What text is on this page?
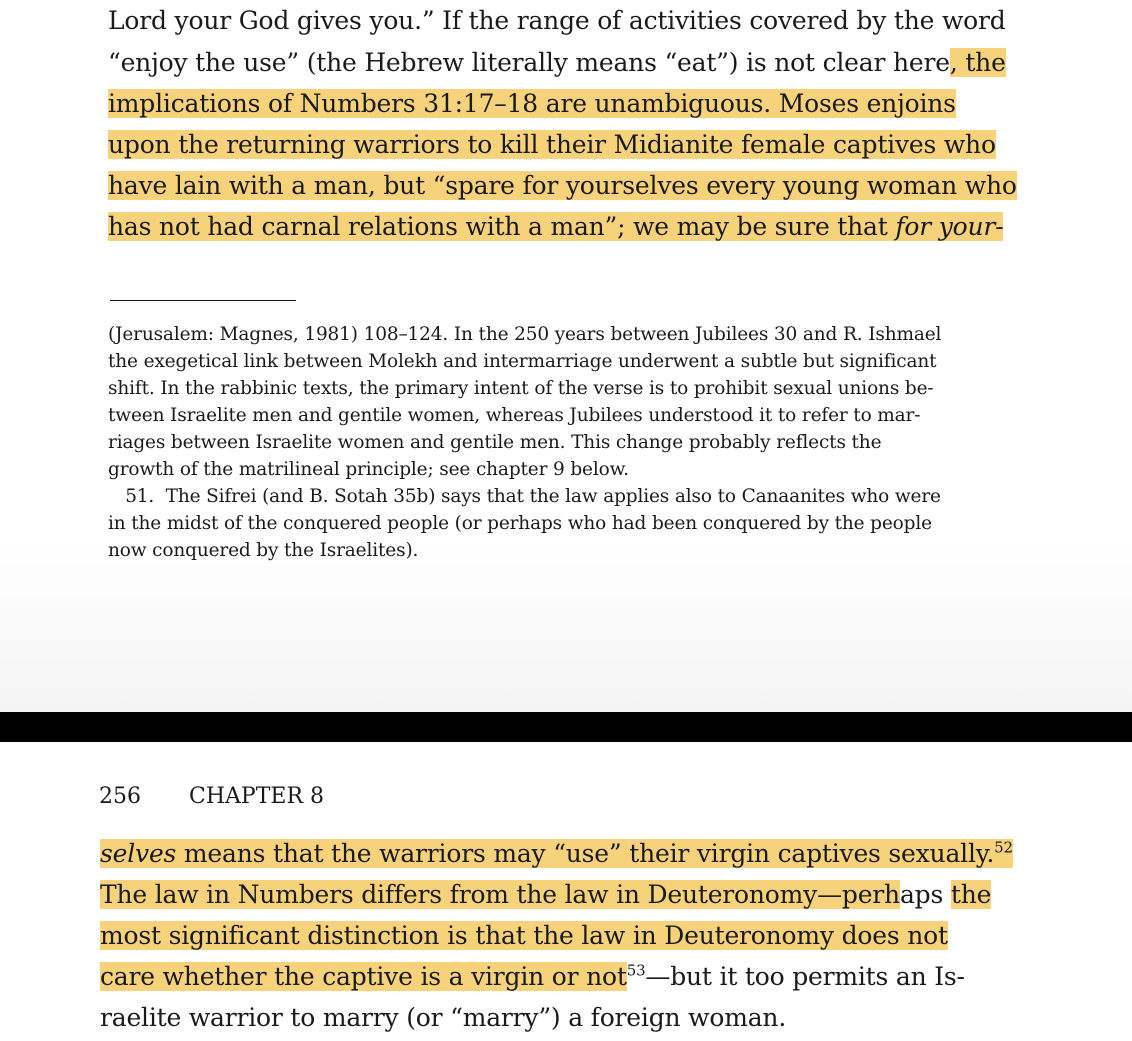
Lord your God gives you.” If the range of activities covered by the word

“enjoy the use” (the Hebrew literally means “eat”) is not clear here, the

implications of Numbers 31:17–18 are unambiguous. Moses enjoins

upon the returning warriors to kill their Midianite female captives who

have lain with a man, but “spare for yourselves every young woman who

has not had carnal relations with a man”; we may be sure that for your-

(Jerusalem: Magnes, 1981) 108–124. In the 250 years between Jubilees 30 and R. Ishmael

the exegetical link between Molekh and intermarriage underwent a subtle but significant

shift. In the rabbinic texts, the primary intent of the verse is to prohibit sexual unions be-

tween Israelite men and gentile women, whereas Jubilees understood it to refer to mar-

riages between Israelite women and gentile men. This change probably reflects the

growth of the matrilineal principle; see chapter 9 below.

51.  The Sifrei (and B. Sotah 35b) says that the law applies also to Canaanites who were

in the midst of the conquered people (or perhaps who had been conquered by the people

now conquered by the Israelites).

256 CHAPTER 8

selves means that the warriors may “use” their virgin captives sexually.$^{52}$

The law in Numbers differs from the law in Deuteronomy—perhaps the

most significant distinction is that the law in Deuteronomy does not

care whether the captive is a virgin or not$^{53}$—but it too permits an Is-

raelite warrior to marry (or “marry”) a foreign woman.
